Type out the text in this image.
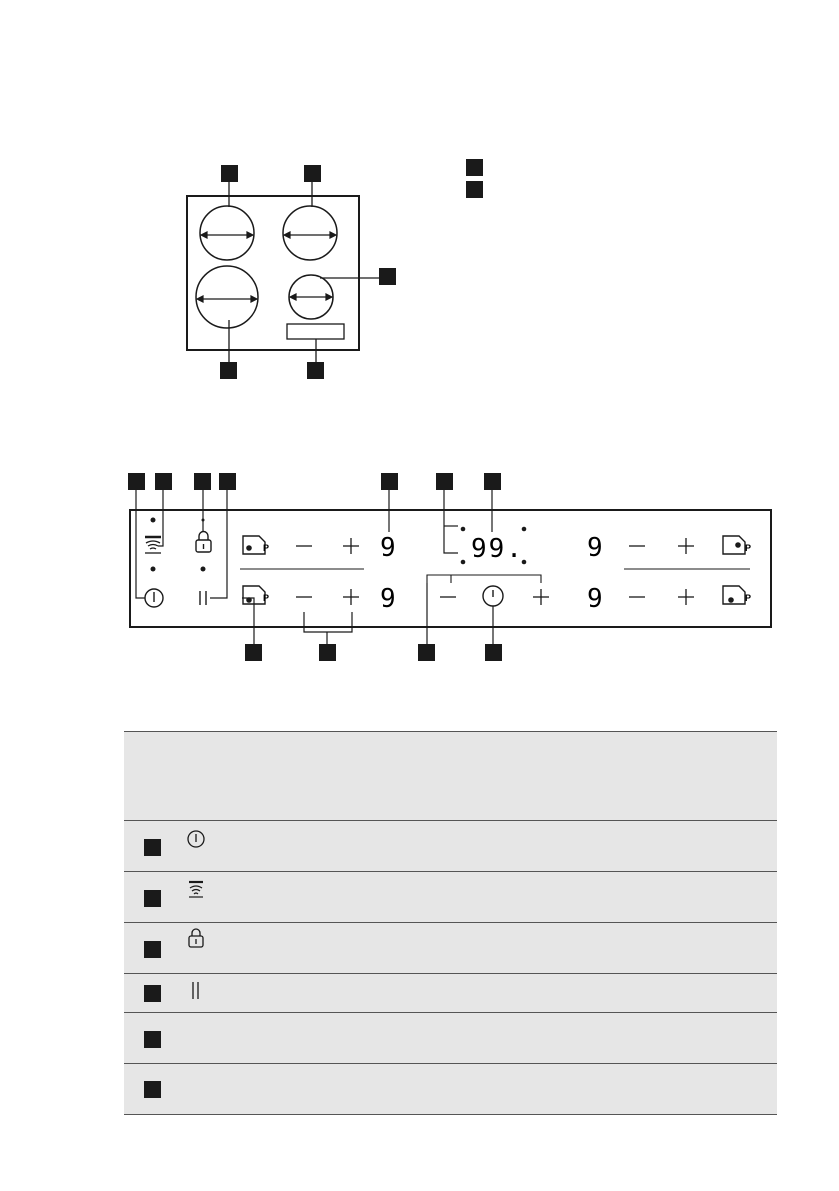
P	9
P	9
99. 9	P
9	P
